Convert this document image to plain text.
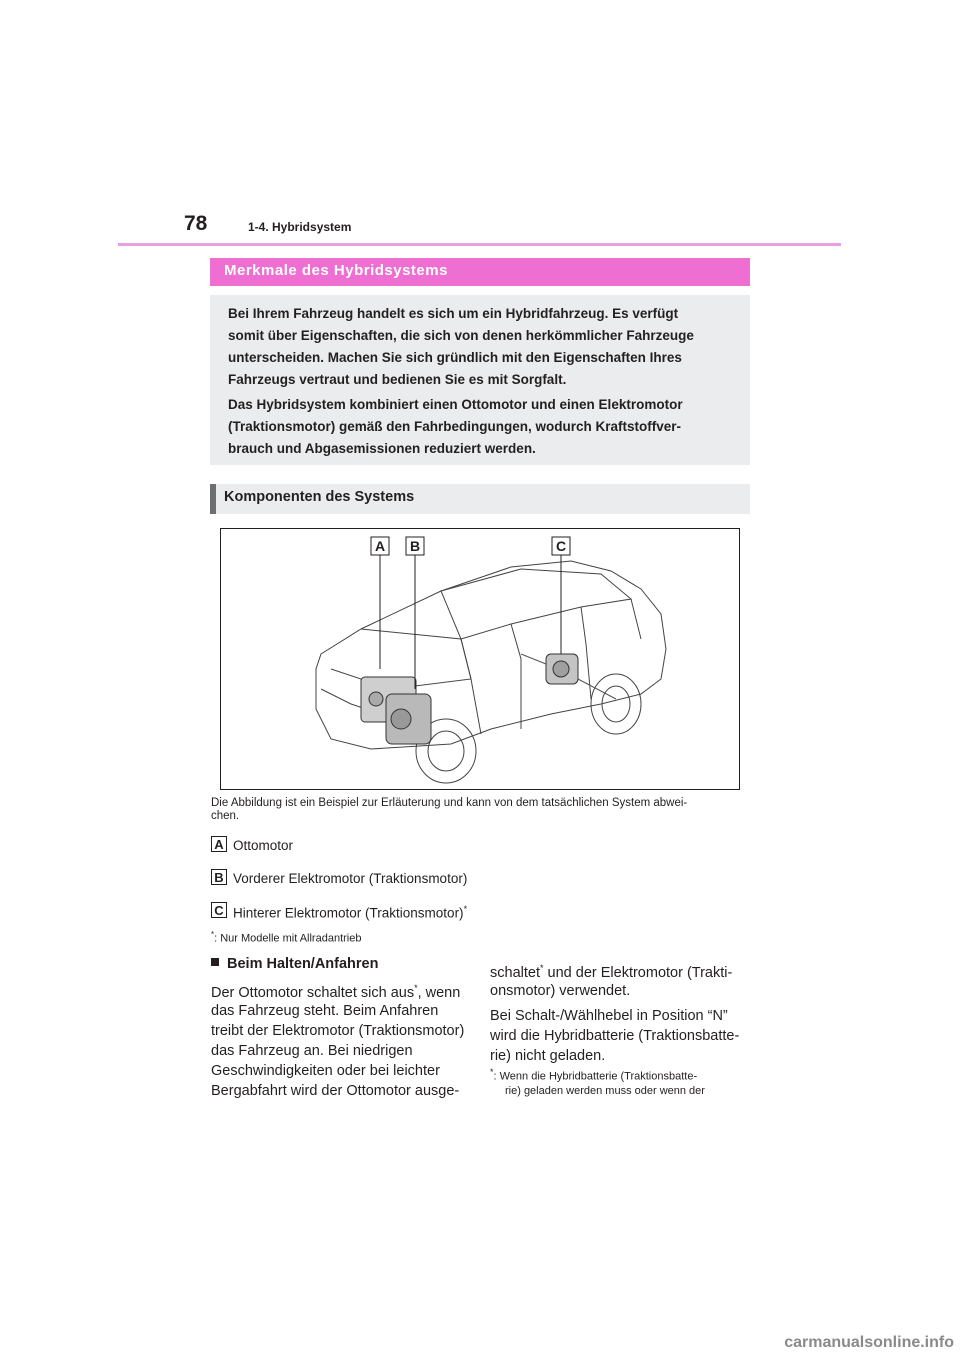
78	1-4. Hybridsystem
Merkmale des Hybridsystems
Bei Ihrem Fahrzeug handelt es sich um ein Hybridfahrzeug. Es verfügt
somit über Eigenschaften, die sich von denen herkömmlicher Fahrzeuge
unterscheiden. Machen Sie sich gründlich mit den Eigenschaften Ihres
Fahrzeugs vertraut und bedienen Sie es mit Sorgfalt.
Das Hybridsystem kombiniert einen Ottomotor und einen Elektromotor
(Traktionsmotor) gemäß den Fahrbedingungen, wodurch Kraftstoffver-
brauch und Abgasemissionen reduziert werden.
Komponenten des Systems
A B	C
Die Abbildung ist ein Beispiel zur Erläuterung und kann von dem tatsächlichen System abwei-
chen.
A Ottomotor
B Vorderer Elektromotor (Traktionsmotor)
C Hinterer Elektromotor (Traktionsmotor)*
*: Nur Modelle mit Allradantrieb
Beim Halten/Anfahren
Der Ottomotor schaltet sich aus*, wenn
das Fahrzeug steht. Beim Anfahren
treibt der Elektromotor (Traktionsmotor)
das Fahrzeug an. Bei niedrigen
Geschwindigkeiten oder bei leichter
Bergabfahrt wird der Ottomotor ausge-
schaltet* und der Elektromotor (Trakti-
onsmotor) verwendet.
Bei Schalt-/Wählhebel in Position “N”
wird die Hybridbatterie (Traktionsbatte-
rie) nicht geladen.
*: Wenn die Hybridbatterie (Traktionsbatte-
rie) geladen werden muss oder wenn der
carmanualsonline.info
